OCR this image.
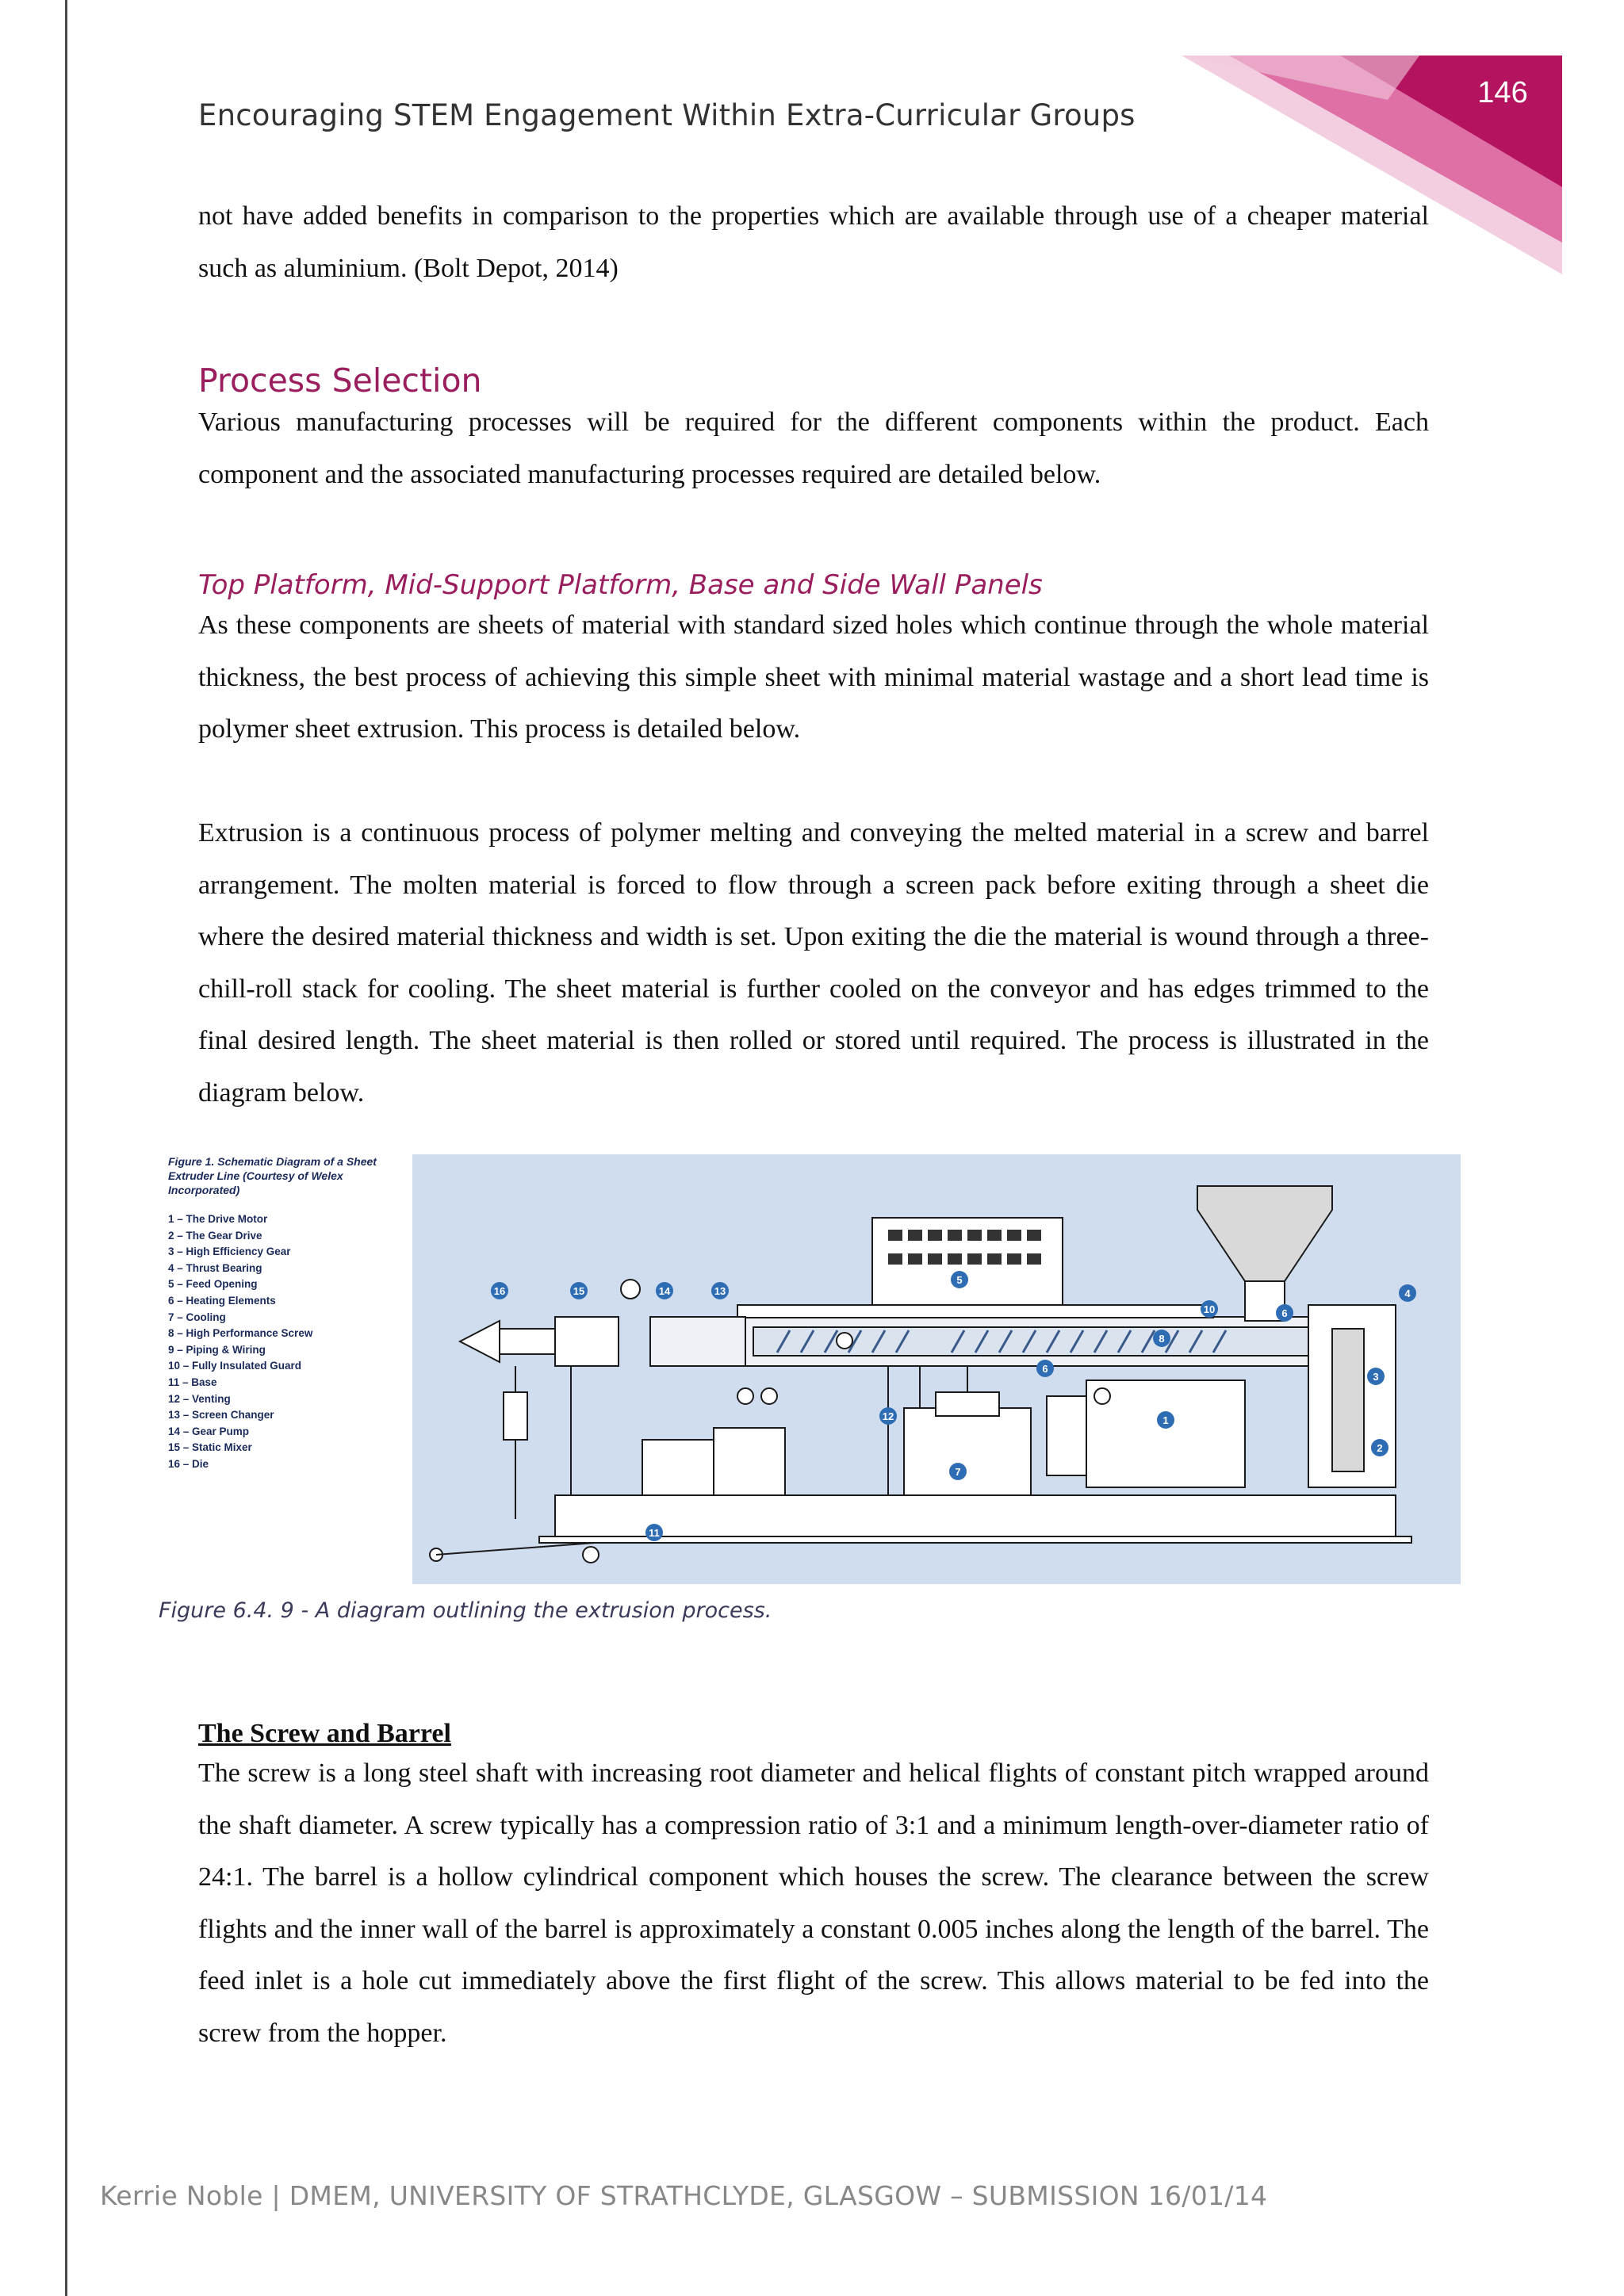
146
Encouraging STEM Engagement Within Extra-Curricular Groups

not have added benefits in comparison to the properties which are available through use of a cheaper material such as aluminium. (Bolt Depot, 2014)

Process Selection

Various manufacturing processes will be required for the different components within the product. Each component and the associated manufacturing processes required are detailed below.

Top Platform, Mid-Support Platform, Base and Side Wall Panels

As these components are sheets of material with standard sized holes which continue through the whole material thickness, the best process of achieving this simple sheet with minimal material wastage and a short lead time is polymer sheet extrusion. This process is detailed below.

Extrusion is a continuous process of polymer melting and conveying the melted material in a screw and barrel arrangement. The molten material is forced to flow through a screen pack before exiting through a sheet die where the desired material thickness and width is set. Upon exiting the die the material is wound through a three-chill-roll stack for cooling. The sheet material is further cooled on the conveyor and has edges trimmed to the final desired length. The sheet material is then rolled or stored until required. The process is illustrated in the diagram below.

Figure 1. Schematic Diagram of a Sheet Extruder Line (Courtesy of Welex Incorporated)
1 – The Drive Motor
2 – The Gear Drive
3 – High Efficiency Gear
4 – Thrust Bearing
5 – Feed Opening
6 – Heating Elements
7 – Cooling
8 – High Performance Screw
9 – Piping & Wiring
10 – Fully Insulated Guard
11 – Base
12 – Venting
13 – Screen Changer
14 – Gear Pump
15 – Static Mixer
16 – Die
1
2
3
4
5
6
6
7
8
10
11
12
13
14
15
16
Figure 6.4. 9 - A diagram outlining the extrusion process.
The Screw and Barrel

The screw is a long steel shaft with increasing root diameter and helical flights of constant pitch wrapped around the shaft diameter. A screw typically has a compression ratio of 3:1 and a minimum length-over-diameter ratio of 24:1. The barrel is a hollow cylindrical component which houses the screw. The clearance between the screw flights and the inner wall of the barrel is approximately a constant 0.005 inches along the length of the barrel. The feed inlet is a hole cut immediately above the first flight of the screw. This allows material to be fed into the screw from the hopper.

Kerrie Noble | DMEM, UNIVERSITY OF STRATHCLYDE, GLASGOW – SUBMISSION 16/01/14
